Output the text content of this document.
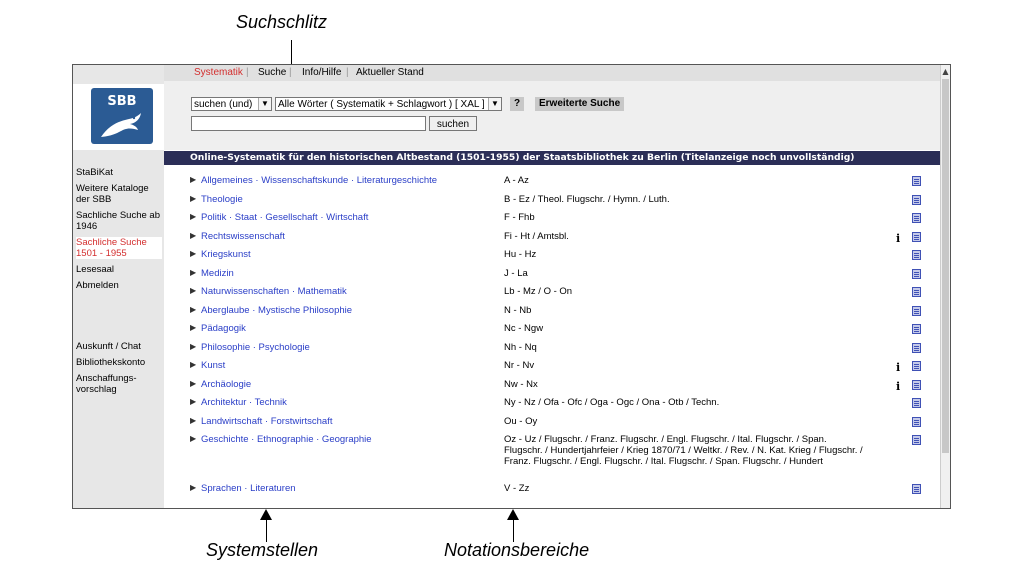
Suchschlitz
Systemstellen	Notationsbereiche
SBB
Systematik | Suche | Info/Hilfe | Aktueller Stand
suchen (und)	▼ Alle Wörter ( Systematik + Schlagwort ) [ XAL ] ▼	?	Erweiterte Suche
suchen
Online-Systematik für den historischen Altbestand (1501-1955) der Staatsbibliothek zu Berlin (Titelanzeige noch unvollständig)
StaBiKat
Weitere Kataloge der SBB
Sachliche Suche ab 1946
Sachliche Suche 1501 - 1955
Lesesaal
Abmelden
Auskunft / Chat
Bibliothekskonto
Anschaffungs-vorschlag
▶ Allgemeines · Wissenschaftskunde · Literaturgeschichte	A - Az
▶ Theologie	B - Ez / Theol. Flugschr. / Hymn. / Luth.
▶ Politik · Staat · Gesellschaft · Wirtschaft	F - Fhb
▶ Rechtswissenschaft	Fi - Ht / Amtsbl.	i
▶ Kriegskunst	Hu - Hz
▶ Medizin	J - La
▶ Naturwissenschaften · Mathematik	Lb - Mz / O - On
▶ Aberglaube · Mystische Philosophie	N - Nb
▶ Pädagogik	Nc - Ngw
▶ Philosophie · Psychologie	Nh - Nq
▶ Kunst	Nr - Nv	i
▶ Archäologie	Nw - Nx	i
▶ Architektur · Technik	Ny - Nz / Ofa - Ofc / Oga - Ogc / Ona - Otb / Techn.
▶ Landwirtschaft · Forstwirtschaft	Ou - Oy
▶ Geschichte · Ethnographie · Geographie	Oz - Uz / Flugschr. / Franz. Flugschr. / Engl. Flugschr. / Ital. Flugschr. / Span. Flugschr. / Hundertjahrfeier / Krieg 1870/71 / Weltkr. / Rev. / N. Kat. Krieg / Flugschr. / Franz. Flugschr. / Engl. Flugschr. / Ital. Flugschr. / Span. Flugschr. / Hundert
▶ Sprachen · Literaturen	V - Zz
▲
